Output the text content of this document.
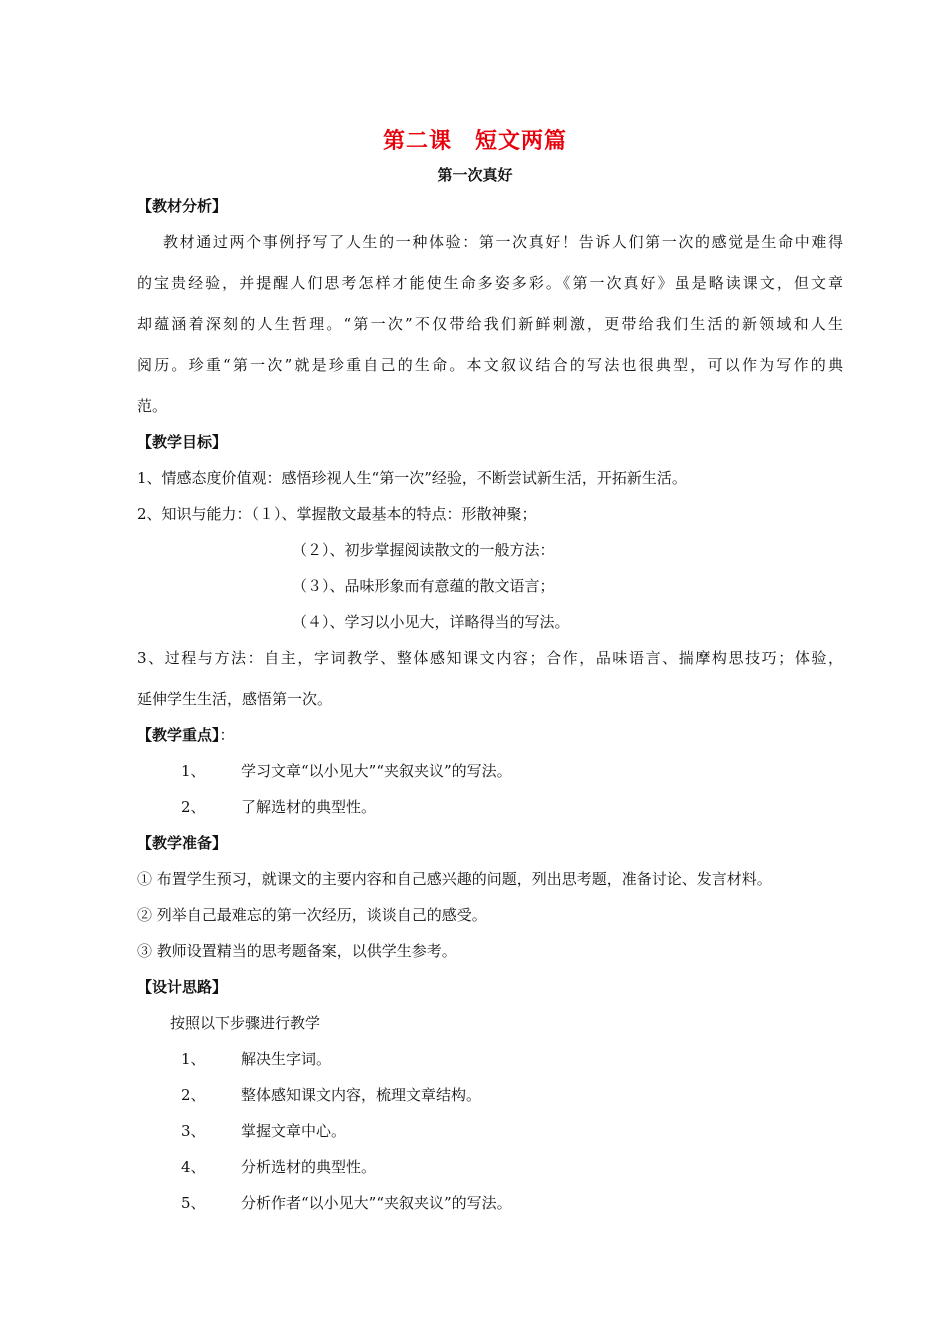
第二课　短文两篇
第一次真好
【教材分析】
教材通过两个事例抒写了人生的一种体验：第一次真好！告诉人们第一次的感觉是生命中难得
的宝贵经验，并提醒人们思考怎样才能使生命多姿多彩。《第一次真好》虽是略读课文，但文章
却蕴涵着深刻的人生哲理。“第一次”不仅带给我们新鲜刺激，更带给我们生活的新领域和人生
阅历。珍重“第一次”就是珍重自己的生命。本文叙议结合的写法也很典型，可以作为写作的典
范。
【教学目标】
1、情感态度价值观：感悟珍视人生“第一次”经验，不断尝试新生活，开拓新生活。
2、知识与能力：（１）、掌握散文最基本的特点：形散神聚；
（２）、初步掌握阅读散文的一般方法：
（３）、品味形象而有意蕴的散文语言；
（４）、学习以小见大，详略得当的写法。
3、过程与方法：自主，字词教学、整体感知课文内容；合作，品味语言、揣摩构思技巧；体验，
延伸学生生活，感悟第一次。
【教学重点】：
1、 学习文章“以小见大”“夹叙夹议”的写法。
2、 了解选材的典型性。
【教学准备】
① 布置学生预习，就课文的主要内容和自己感兴趣的问题，列出思考题，准备讨论、发言材料。
② 列举自己最难忘的第一次经历，谈谈自己的感受。
③ 教师设置精当的思考题备案，以供学生参考。
【设计思路】
按照以下步骤进行教学
1、 解决生字词。
2、 整体感知课文内容，梳理文章结构。
3、 掌握文章中心。
4、 分析选材的典型性。
5、 分析作者“以小见大”“夹叙夹议”的写法。
